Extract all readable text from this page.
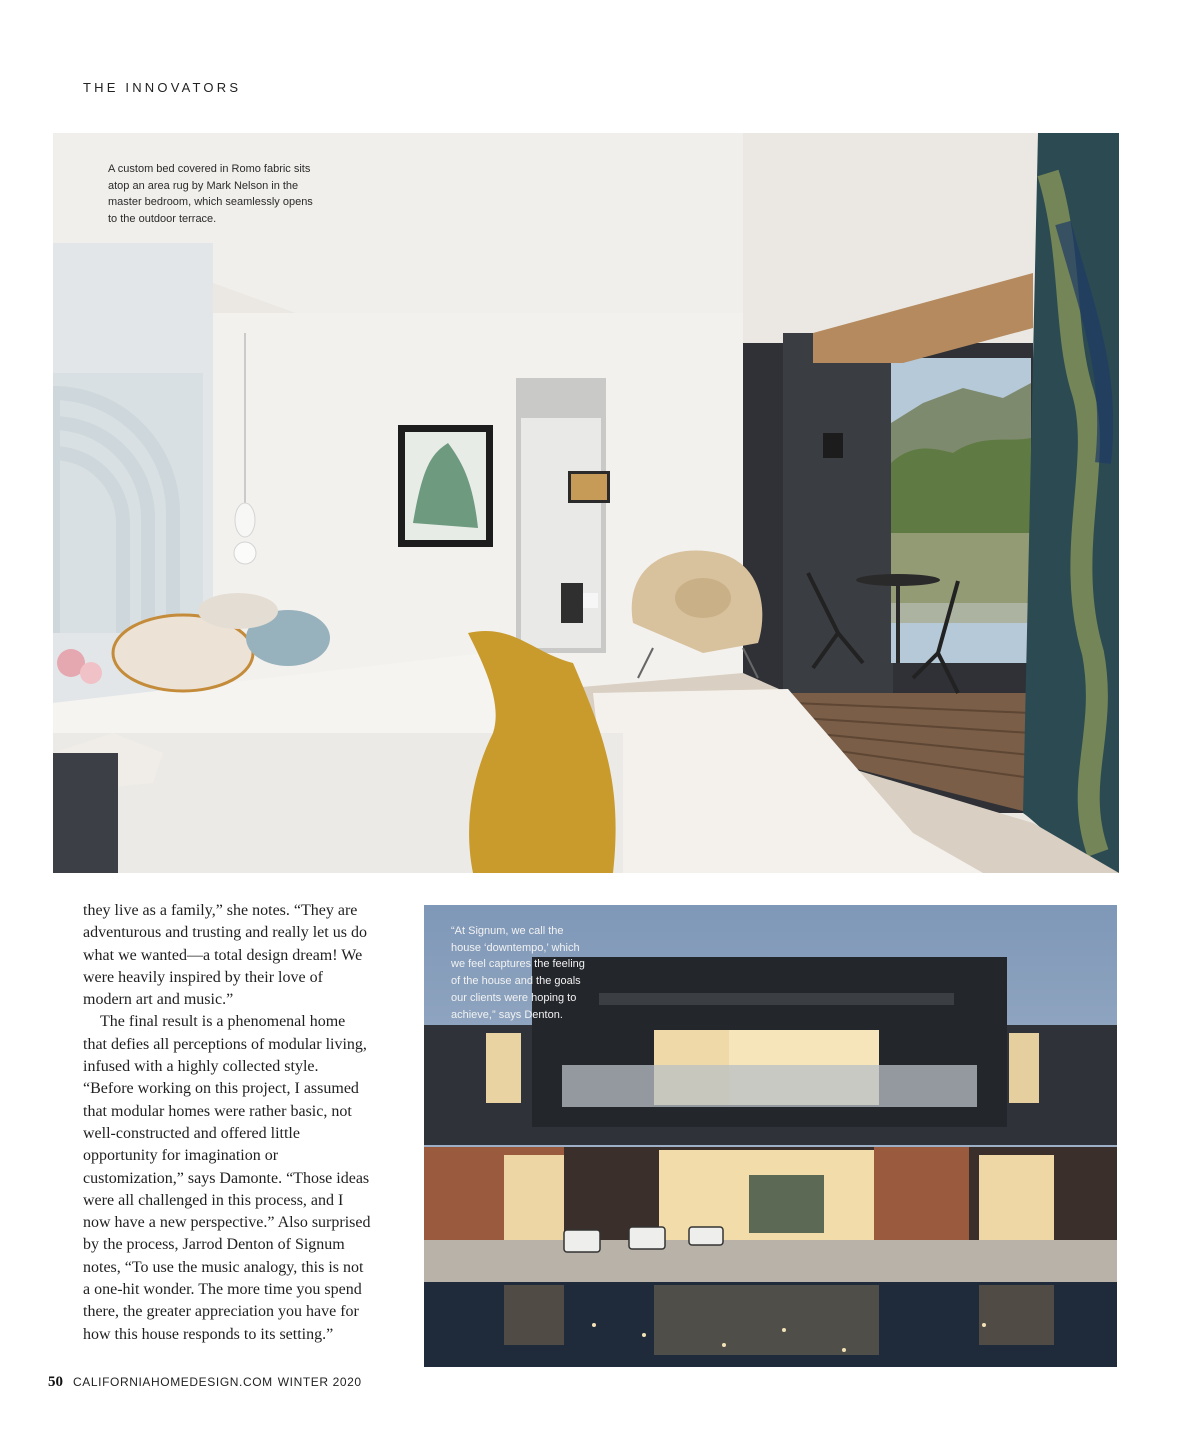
THE INNOVATORS
A custom bed covered in Romo fabric sits
atop an area rug by Mark Nelson in the
master bedroom, which seamlessly opens
to the outdoor terrace.

they live as a family,” she notes. “They are adventurous and trusting and really let us do what we wanted—a total design dream! We were heavily inspired by their love of modern art and music.”

The final result is a phenomenal home that defies all perceptions of modular living, infused with a highly collected style. “Before working on this project, I assumed that modular homes were rather basic, not well-constructed and offered little opportunity for imagination or customization,” says Damonte. “Those ideas were all challenged in this process, and I now have a new perspective.” Also surprised by the process, Jarrod Denton of Signum notes, “To use the music analogy, this is not a one-hit wonder. The more time you spend there, the greater appreciation you have for how this house responds to its setting.”

“At Signum, we call the
house ‘downtempo,’ which
we feel captures the feeling
of the house and the goals
our clients were hoping to
achieve,” says Denton.
50 CALIFORNIAHOMEDESIGN.COM WINTER 2020
